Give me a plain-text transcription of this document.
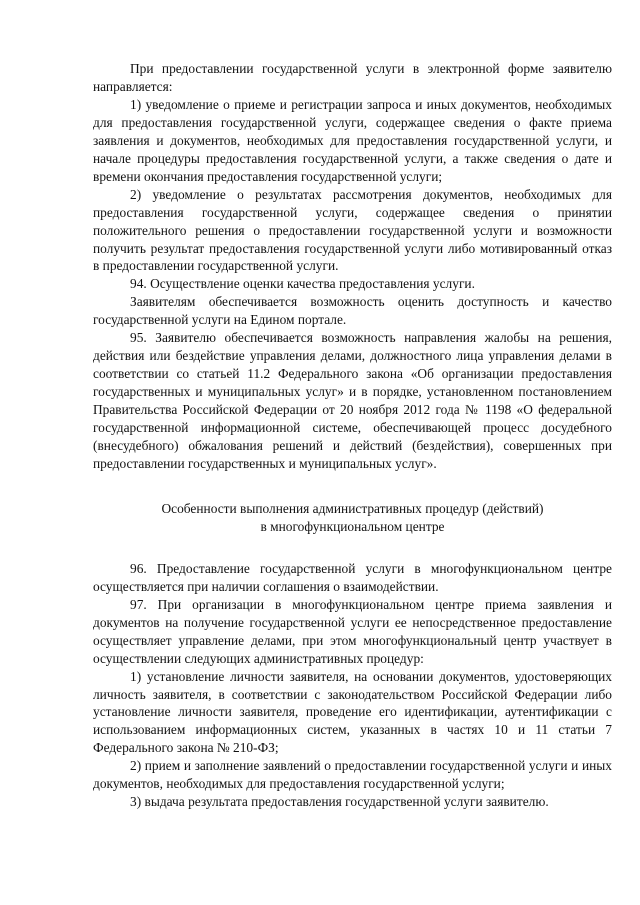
При предоставлении государственной услуги в электронной форме заявителю направляется:

1) уведомление о приеме и регистрации запроса и иных документов, необходимых для предоставления государственной услуги, содержащее сведения о факте приема заявления и документов, необходимых для предоставления государственной услуги, и начале процедуры предоставления государственной услуги, а также сведения о дате и времени окончания предоставления государственной услуги;

2) уведомление о результатах рассмотрения документов, необходимых для предоставления государственной услуги, содержащее сведения о принятии положительного решения о предоставлении государственной услуги и возможности получить результат предоставления государственной услуги либо мотивированный отказ в предоставлении государственной услуги.

94. Осуществление оценки качества предоставления услуги.

Заявителям обеспечивается возможность оценить доступность и качество государственной услуги на Едином портале.

95. Заявителю обеспечивается возможность направления жалобы на решения, действия или бездействие управления делами, должностного лица управления делами в соответствии со статьей 11.2 Федерального закона «Об организации предоставления государственных и муниципальных услуг» и в порядке, установленном постановлением Правительства Российской Федерации от 20 ноября 2012 года № 1198 «О федеральной государственной информационной системе, обеспечивающей процесс досудебного (внесудебного) обжалования решений и действий (бездействия), совершенных при предоставлении государственных и муниципальных услуг».

Особенности выполнения административных процедур (действий)
в многофункциональном центре

96. Предоставление государственной услуги в многофункциональном центре осуществляется при наличии соглашения о взаимодействии.

97. При организации в многофункциональном центре приема заявления и документов на получение государственной услуги ее непосредственное предоставление осуществляет управление делами, при этом многофункциональный центр участвует в осуществлении следующих административных процедур:

1) установление личности заявителя, на основании документов, удостоверяющих личность заявителя, в соответствии с законодательством Российской Федерации либо установление личности заявителя, проведение его идентификации, аутентификации с использованием информационных систем, указанных в частях 10 и 11 статьи 7 Федерального закона № 210-ФЗ;

2) прием и заполнение заявлений о предоставлении государственной услуги и иных документов, необходимых для предоставления государственной услуги;

3) выдача результата предоставления государственной услуги заявителю.
